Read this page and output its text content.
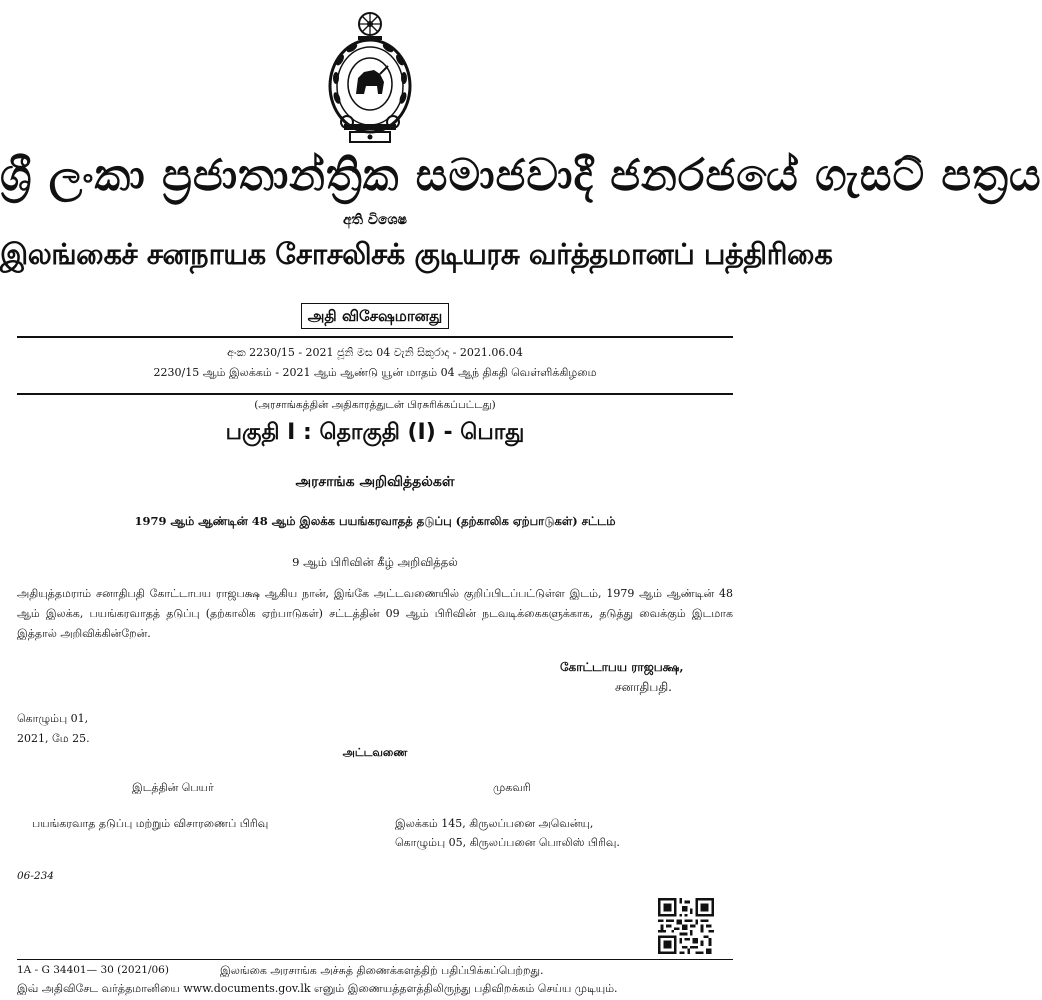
ශ්‍රී ලංකා ප්‍රජාතාන්ත්‍රික සමාජවාදී ජනරජයේ ගැසට් පත්‍රය
අති විශෙෂ
இலங்கைச் சனநாயக சோசலிசக் குடியரசு வர்த்தமானப் பத்திரிகை
அதி விசேஷமானது
අංක 2230/15 - 2021 ජූනි මස 04 වැනි සිකුරාදා - 2021.06.04
2230/15 ஆம் இலக்கம் - 2021 ஆம் ஆண்டு யூன் மாதம் 04 ஆந் திகதி வெள்ளிக்கிழமை
(அரசாங்கத்தின் அதிகாரத்துடன் பிரசுரிக்கப்பட்டது)
பகுதி I : தொகுதி (I) - பொது
அரசாங்க அறிவித்தல்கள்
1979 ஆம் ஆண்டின் 48 ஆம் இலக்க பயங்கரவாதத் தடுப்பு (தற்காலிக ஏற்பாடுகள்) சட்டம்
9 ஆம் பிரிவின் கீழ் அறிவித்தல்
அதியுத்தமராம் சனாதிபதி கோட்டாபய ராஜபக்ஷ ஆகிய நான், இங்கே அட்டவணையில் குறிப்பிடப்பட்டுள்ள இடம், 1979 ஆம் ஆண்டின் 48 ஆம் இலக்க, பயங்கரவாதத் தடுப்பு (தற்காலிக ஏற்பாடுகள்) சட்டத்தின் 09 ஆம் பிரிவின் நடவடிக்கைகளுக்காக, தடுத்து வைக்கும் இடமாக இத்தால் அறிவிக்கின்றேன்.
கோட்டாபய ராஜபக்ஷ,
சனாதிபதி.
கொழும்பு 01,
2021, மே 25.
அட்டவணை
இடத்தின் பெயர்	முகவரி
பயங்கரவாத தடுப்பு மற்றும் விசாரணைப் பிரிவு	இலக்கம் 145, கிருலப்பனை அவென்யு,
கொழும்பு 05, கிருலப்பனை பொலிஸ் பிரிவு.
06-234
1A - G 34401— 30 (2021/06)	இலங்கை அரசாங்க அச்சுத் திணைக்களத்திற் பதிப்பிக்கப்பெற்றது.
இவ் அதிவிசேட வர்த்தமானியை www.documents.gov.lk எனும் இணையத்தளத்திலிருந்து பதிவிறக்கம் செய்ய முடியும்.
